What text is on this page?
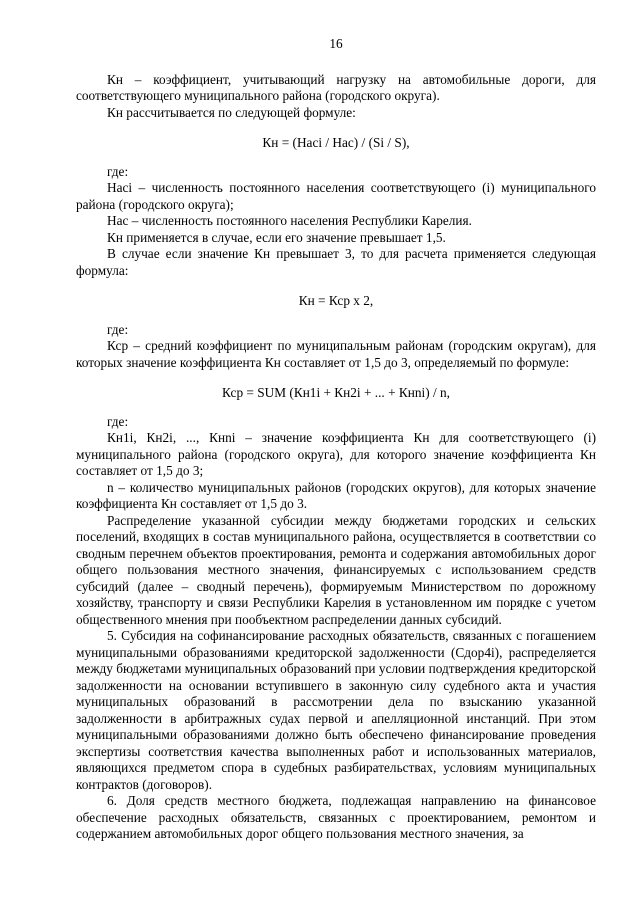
16

Кн – коэффициент, учитывающий нагрузку на автомобильные дороги, для соответствующего муниципального района (городского округа).

Кн рассчитывается по следующей формуле:

Кн = (Насi / Нас) / (Si / S),

где:

Насi – численность постоянного населения соответствующего (i) муниципального района (городского округа);

Нас – численность постоянного населения Республики Карелия.

Кн применяется в случае, если его значение превышает 1,5.

В случае если значение Кн превышает 3, то для расчета применяется следующая формула:

Кн = Кср х 2,

где:

Кср – средний коэффициент по муниципальным районам (городским округам), для которых значение коэффициента Кн составляет от 1,5 до 3, определяемый по формуле:

Кср = SUM (Кн1i + Кн2i + ... + Кнni) / n,

где:

Кн1i, Кн2i, ..., Кнni – значение коэффициента Кн для соответствующего (i) муниципального района (городского округа), для которого значение коэффициента Кн составляет от 1,5 до 3;

n – количество муниципальных районов (городских округов), для которых значение коэффициента Кн составляет от 1,5 до 3.

Распределение указанной субсидии между бюджетами городских и сельских поселений, входящих в состав муниципального района, осуществляется в соответствии со сводным перечнем объектов проектирования, ремонта и содержания автомобильных дорог общего пользования местного значения, финансируемых с использованием средств субсидий (далее – сводный перечень), формируемым Министерством по дорожному хозяйству, транспорту и связи Республики Карелия в установленном им порядке с учетом общественного мнения при пообъектном распределении данных субсидий.

5. Субсидия на софинансирование расходных обязательств, связанных с погашением муниципальными образованиями кредиторской задолженности (Сдор4i), распределяется между бюджетами муниципальных образований при условии подтверждения кредиторской задолженности на основании вступившего в законную силу судебного акта и участия муниципальных образований в рассмотрении дела по взысканию указанной задолженности в арбитражных судах первой и апелляционной инстанций. При этом муниципальными образованиями должно быть обеспечено финансирование проведения экспертизы соответствия качества выполненных работ и использованных материалов, являющихся предметом спора в судебных разбирательствах, условиям муниципальных контрактов (договоров).

6. Доля средств местного бюджета, подлежащая направлению на финансовое обеспечение расходных обязательств, связанных с проектированием, ремонтом и содержанием автомобильных дорог общего пользования местного значения, за
